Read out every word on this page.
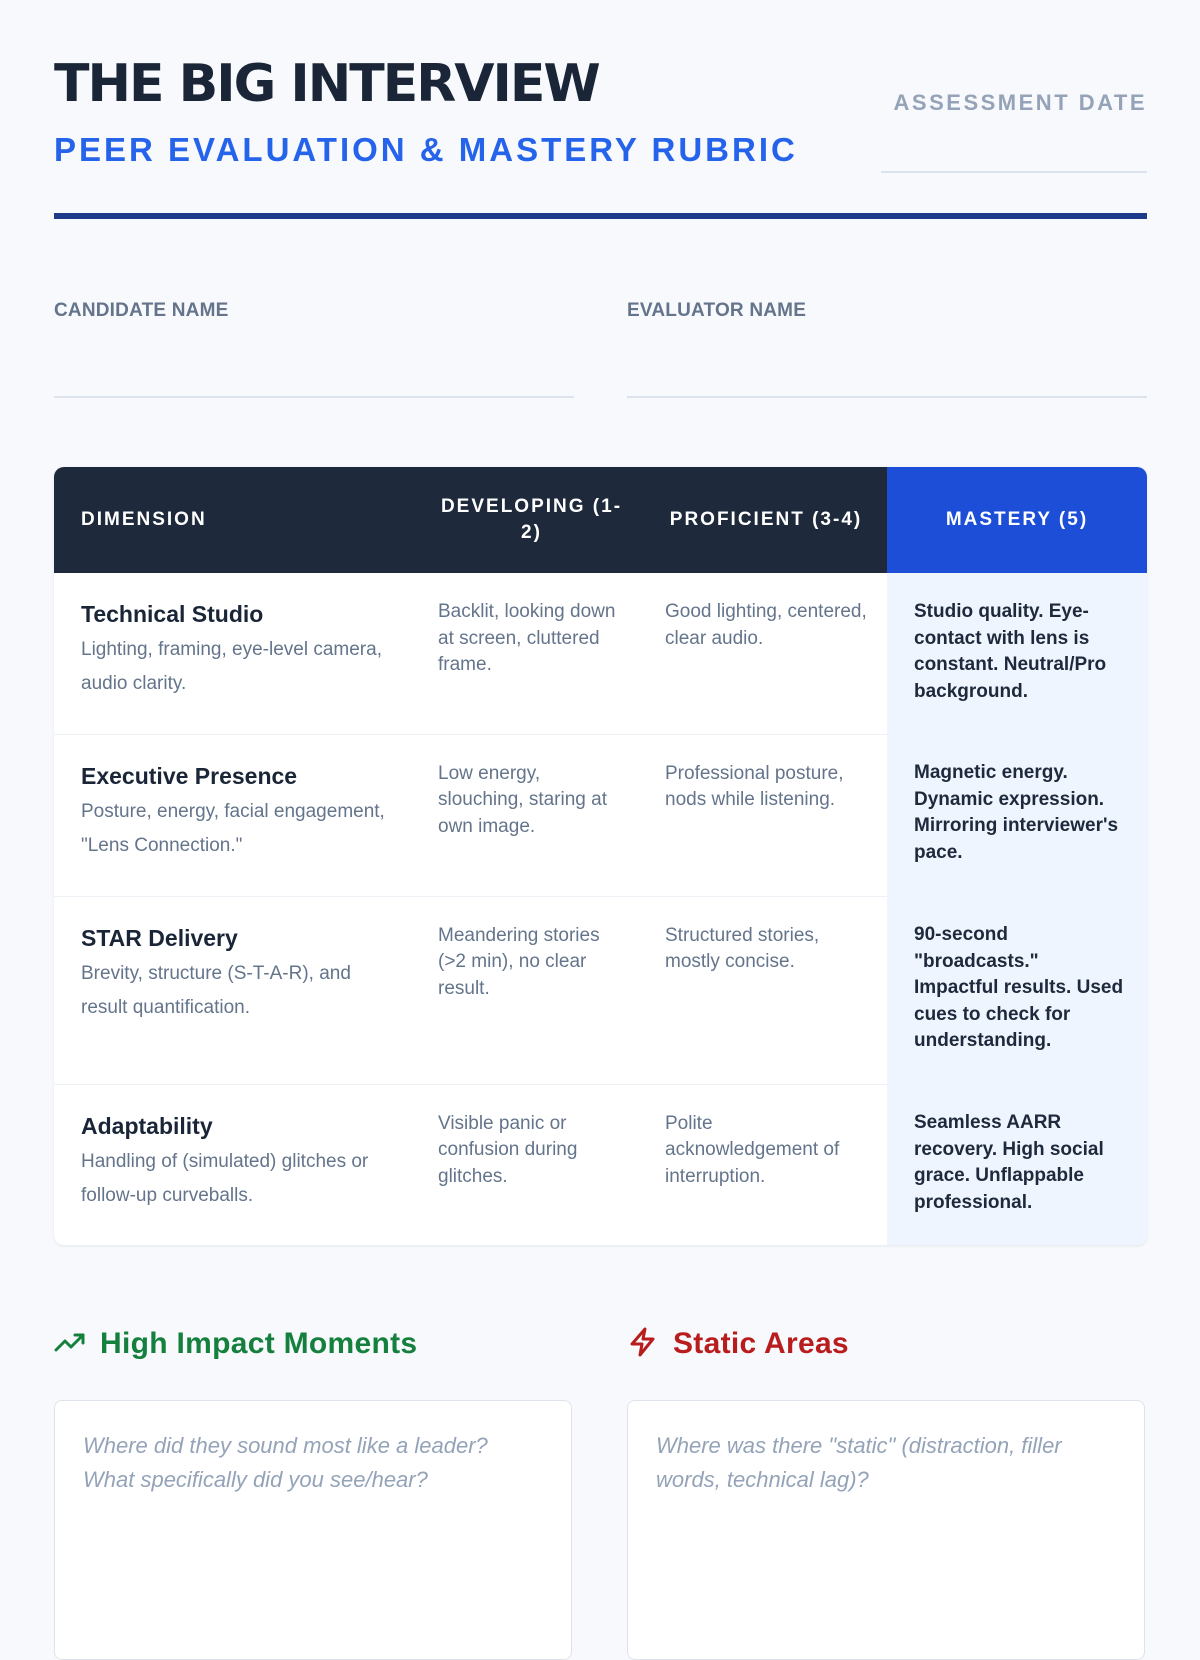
THE BIG INTERVIEW
PEER EVALUATION & MASTERY RUBRIC
ASSESSMENT DATE
CANDIDATE NAME	EVALUATOR NAME
DIMENSION	DEVELOPING (1-2)	PROFICIENT (3-4)	MASTERY (5)

Technical Studio
Lighting, framing, eye-level camera, audio clarity.	Backlit, looking down at screen, cluttered frame.	Good lighting, centered, clear audio.	Studio quality. Eye-contact with lens is constant. Neutral/Pro background.

Executive Presence
Posture, energy, facial engagement, "Lens Connection."	Low energy, slouching, staring at own image.	Professional posture, nods while listening.	Magnetic energy. Dynamic expression. Mirroring interviewer's pace.

STAR Delivery
Brevity, structure (S-T-A-R), and result quantification.	Meandering stories (>2 min), no clear result.	Structured stories, mostly concise.	90-second "broadcasts." Impactful results. Used cues to check for understanding.

Adaptability
Handling of (simulated) glitches or follow-up curveballs.	Visible panic or confusion during glitches.	Polite acknowledgement of interruption.	Seamless AARR recovery. High social grace. Unflappable professional.
High Impact Moments
Where did they sound most like a leader? What specifically did you see/hear?
Static Areas
Where was there "static" (distraction, filler words, technical lag)?
